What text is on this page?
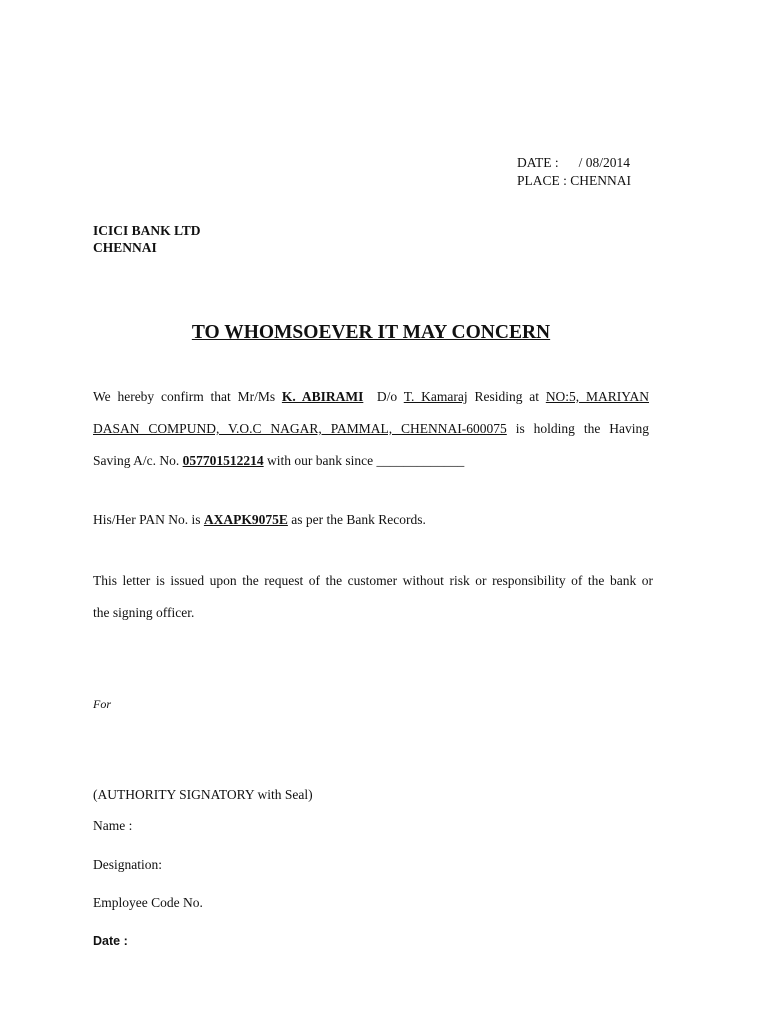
DATE : / 08/2014
PLACE : CHENNAI
ICICI BANK LTD
CHENNAI
TO WHOMSOEVER IT MAY CONCERN
We hereby confirm that Mr/Ms K. ABIRAMI  D/o T. Kamaraj Residing at NO:5, MARIYAN
DASAN COMPUND, V.O.C NAGAR, PAMMAL, CHENNAI-600075 is holding the Having
Saving A/c. No. 057701512214 with our bank since _____________
His/Her PAN No. is AXAPK9075E as per the Bank Records.
This letter is issued upon the request of the customer without risk or responsibility of the bank or
the signing officer.
For
(AUTHORITY SIGNATORY with Seal)
Name :
Designation:
Employee Code No.
Date :
